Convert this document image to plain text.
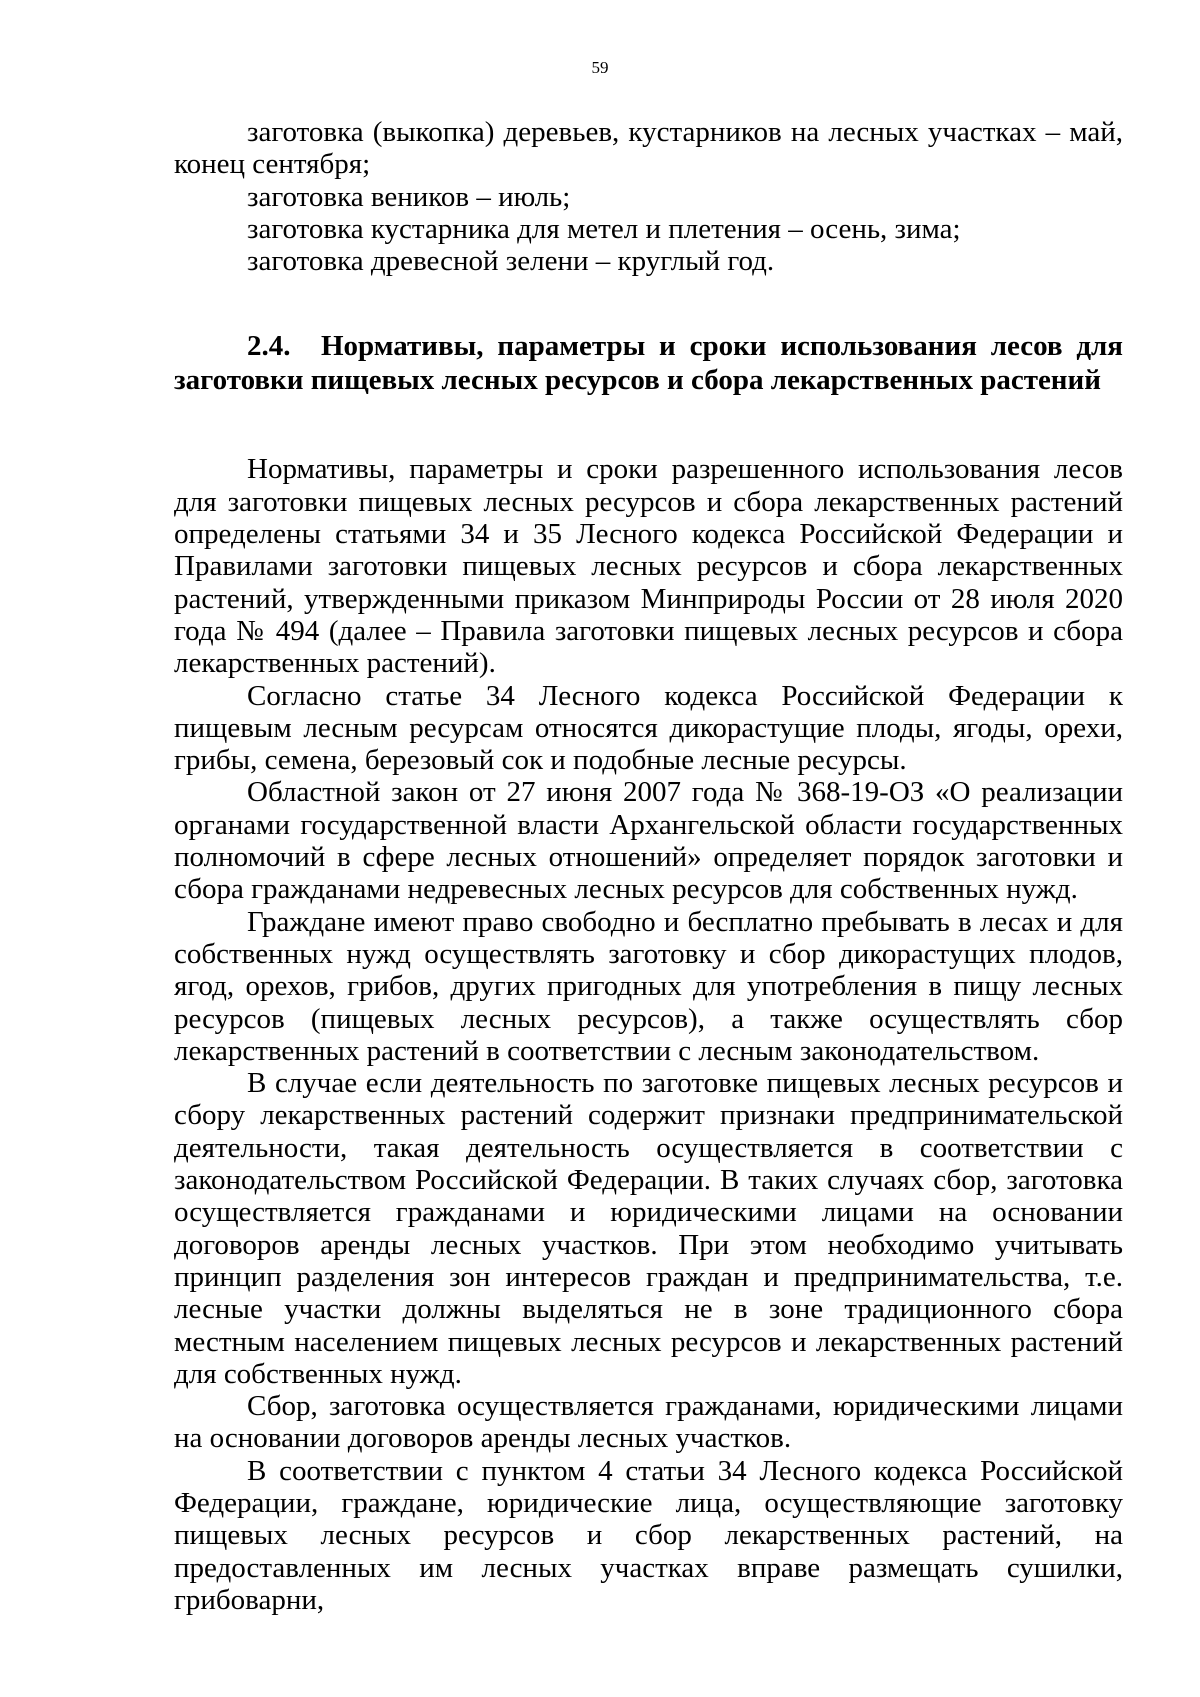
59

заготовка (выкопка) деревьев, кустарников на лесных участках – май, конец сентября;

заготовка веников – июль;

заготовка кустарника для метел и плетения – осень, зима;

заготовка древесной зелени – круглый год.

2.4. Нормативы, параметры и сроки использования лесов для заготовки пищевых лесных ресурсов и сбора лекарственных растений

Нормативы, параметры и сроки разрешенного использования лесов для заготовки пищевых лесных ресурсов и сбора лекарственных растений определены статьями 34 и 35 Лесного кодекса Российской Федерации и Правилами заготовки пищевых лесных ресурсов и сбора лекарственных растений, утвержденными приказом Минприроды России от 28 июля 2020 года № 494 (далее – Правила заготовки пищевых лесных ресурсов и сбора лекарственных растений).

Согласно статье 34 Лесного кодекса Российской Федерации к пищевым лесным ресурсам относятся дикорастущие плоды, ягоды, орехи, грибы, семена, березовый сок и подобные лесные ресурсы.

Областной закон от 27 июня 2007 года № 368-19-ОЗ «О реализации органами государственной власти Архангельской области государственных полномочий в сфере лесных отношений» определяет порядок заготовки и сбора гражданами недревесных лесных ресурсов для собственных нужд.

Граждане имеют право свободно и бесплатно пребывать в лесах и для собственных нужд осуществлять заготовку и сбор дикорастущих плодов, ягод, орехов, грибов, других пригодных для употребления в пищу лесных ресурсов (пищевых лесных ресурсов), а также осуществлять сбор лекарственных растений в соответствии с лесным законодательством.

В случае если деятельность по заготовке пищевых лесных ресурсов и сбору лекарственных растений содержит признаки предпринимательской деятельности, такая деятельность осуществляется в соответствии с законодательством Российской Федерации. В таких случаях сбор, заготовка осуществляется гражданами и юридическими лицами на основании договоров аренды лесных участков. При этом необходимо учитывать принцип разделения зон интересов граждан и предпринимательства, т.е. лесные участки должны выделяться не в зоне традиционного сбора местным населением пищевых лесных ресурсов и лекарственных растений для собственных нужд.

Сбор, заготовка осуществляется гражданами, юридическими лицами на основании договоров аренды лесных участков.

В соответствии с пунктом 4 статьи 34 Лесного кодекса Российской Федерации, граждане, юридические лица, осуществляющие заготовку пищевых лесных ресурсов и сбор лекарственных растений, на предоставленных им лесных участках вправе размещать сушилки, грибоварни,
